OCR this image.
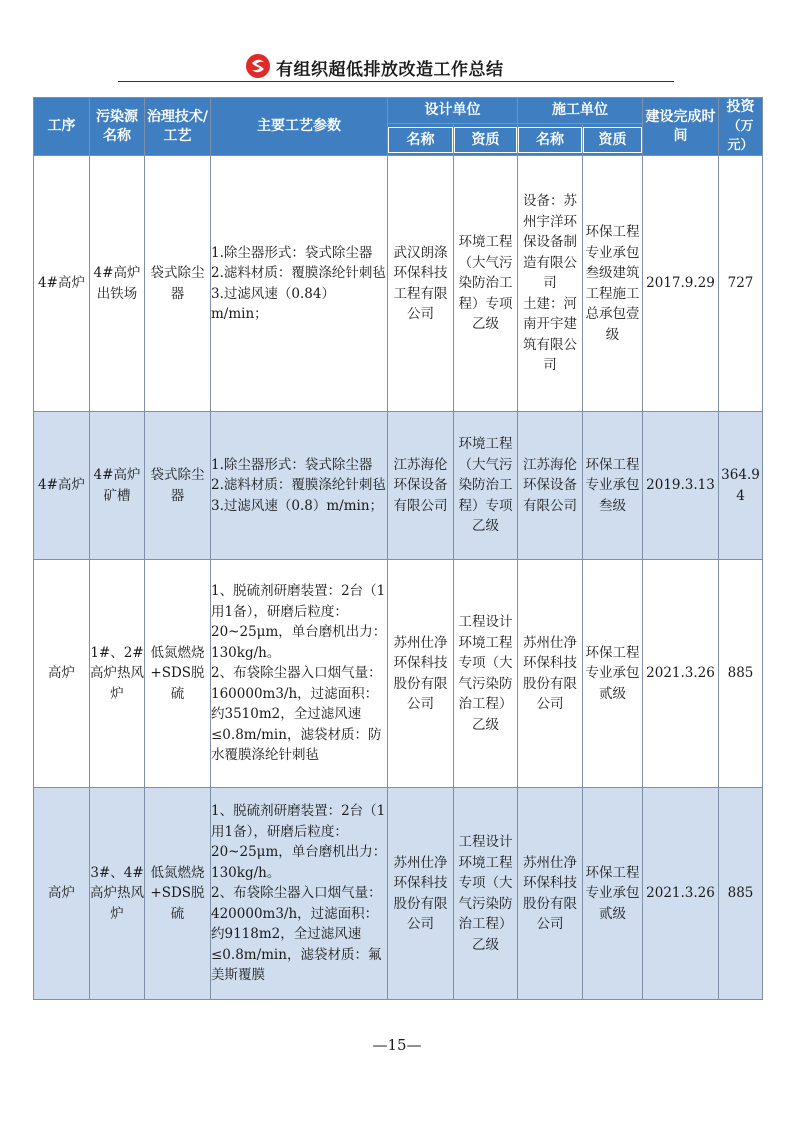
有组织超低排放改造工作总结
工序	污染源名称	治理技术/工艺	主要工艺参数	设计单位		施工单位		建设完成时间	投资
（万元）

				名称	资质	名称	资质		

4#高炉	4#高炉出铁场	袋式除尘器	1.除尘器形式：袋式除尘器
2.滤料材质：覆膜涤纶针刺毡
3.过滤风速（0.84）m/min；	武汉朗涤环保科技工程有限公司	环境工程（大气污染防治工程）专项乙级	设备：苏州宇洋环保设备制造有限公司
土建：河南开宇建筑有限公司	环保工程专业承包叁级建筑工程施工总承包壹级	2017.9.29	727
4#高炉	4#高炉矿槽	袋式除尘器	1.除尘器形式：袋式除尘器
2.滤料材质：覆膜涤纶针刺毡
3.过滤风速（0.8）m/min；	江苏海伦环保设备有限公司	环境工程（大气污染防治工程）专项乙级	江苏海伦环保设备有限公司	环保工程专业承包叁级	2019.3.13	364.94
高炉	1#、2#高炉热风炉	低氮燃烧+SDS脱硫	1、脱硫剂研磨装置：2台（1用1备），研磨后粒度：20~25μm，单台磨机出力：130kg/h。
2、布袋除尘器入口烟气量：160000m3/h，过滤面积：约3510m2，全过滤风速≤0.8m/min，滤袋材质：防水覆膜涤纶针刺毡	苏州仕净环保科技股份有限公司	工程设计环境工程专项（大气污染防治工程）乙级	苏州仕净环保科技股份有限公司	环保工程专业承包贰级	2021.3.26	885
高炉	3#、4#高炉热风炉	低氮燃烧+SDS脱硫	1、脱硫剂研磨装置：2台（1用1备），研磨后粒度：20~25μm，单台磨机出力：130kg/h。
2、布袋除尘器入口烟气量：420000m3/h，过滤面积：约9118m2，全过滤风速≤0.8m/min，滤袋材质：氟美斯覆膜	苏州仕净环保科技股份有限公司	工程设计环境工程专项（大气污染防治工程）乙级	苏州仕净环保科技股份有限公司	环保工程专业承包贰级	2021.3.26	885
—15—
